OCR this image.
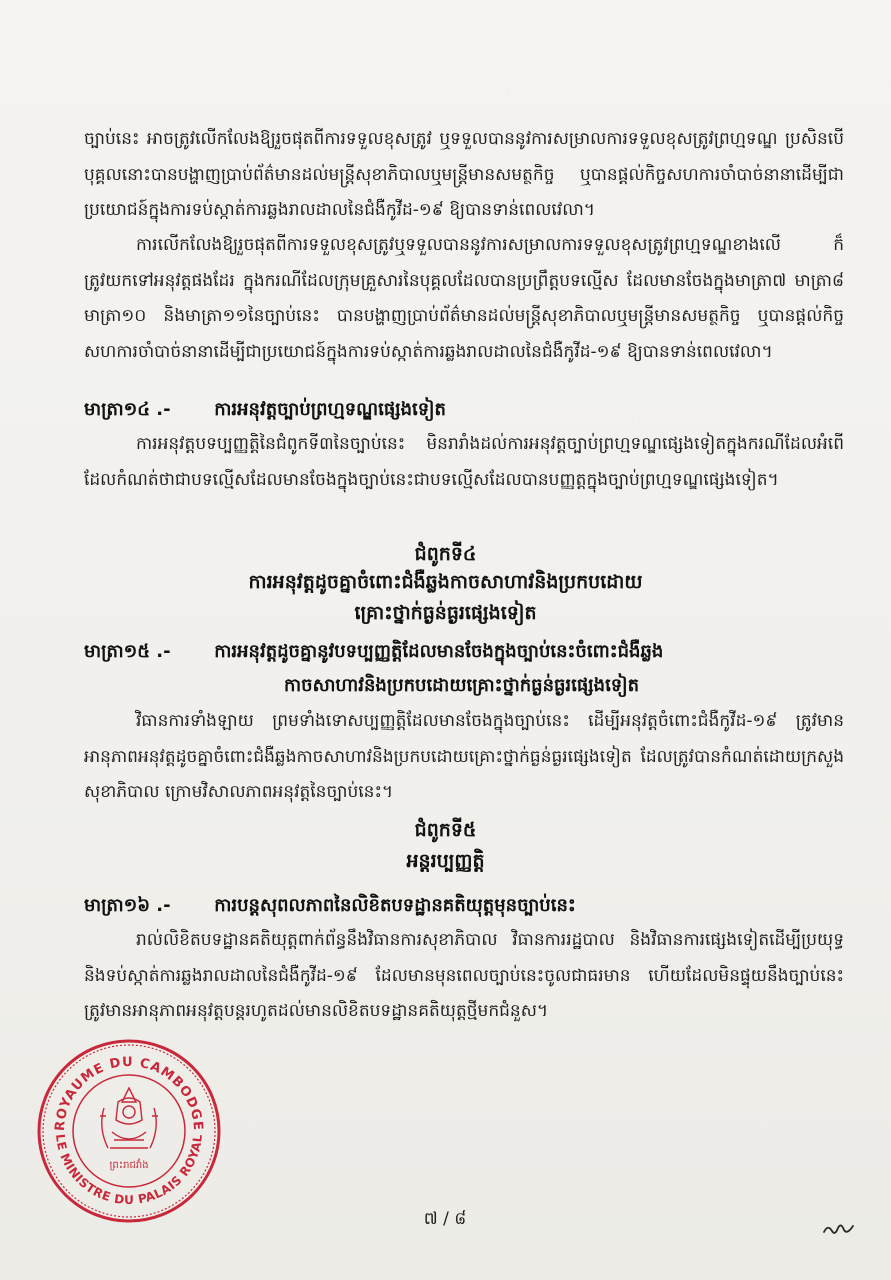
ច្បាប់នេះ អាចត្រូវលើកលែងឱ្យរួចផុតពីការទទួលខុសត្រូវ ឬទទួលបាននូវការសម្រាលការទទួលខុសត្រូវព្រហ្មទណ្ឌ ប្រសិនបើបុគ្គលនោះបានបង្ហាញប្រាប់ព័ត៌មានដល់មន្ត្រីសុខាភិបាលឬមន្ត្រីមានសមត្ថកិច្ច ឬបានផ្ដល់កិច្ចសហការចាំបាច់នានាដើម្បីជាប្រយោជន៍ក្នុងការទប់ស្កាត់ការឆ្លងរាលដាលនៃជំងឺកូវីដ-១៩ ឱ្យបានទាន់ពេលវេលា។
ការលើកលែងឱ្យរួចផុតពីការទទួលខុសត្រូវឬទទួលបាននូវការសម្រាលការទទួលខុសត្រូវព្រហ្មទណ្ឌខាងលើ ក៏ត្រូវយកទៅអនុវត្តផងដែរ ក្នុងករណីដែលក្រុមគ្រួសារនៃបុគ្គលដែលបានប្រព្រឹត្តបទល្មើស ដែលមានចែងក្នុងមាត្រា៧ មាត្រា៨ មាត្រា១០ និងមាត្រា១១នៃច្បាប់នេះ បានបង្ហាញប្រាប់ព័ត៌មានដល់មន្ត្រីសុខាភិបាលឬមន្ត្រីមានសមត្ថកិច្ច ឬបានផ្ដល់កិច្ចសហការចាំបាច់នានាដើម្បីជាប្រយោជន៍ក្នុងការទប់ស្កាត់ការឆ្លងរាលដាលនៃជំងឺកូវីដ-១៩ ឱ្យបានទាន់ពេលវេលា។
មាត្រា១៤ .- ការអនុវត្តច្បាប់ព្រហ្មទណ្ឌផ្សេងទៀត
ការអនុវត្តបទប្បញ្ញត្តិនៃជំពូកទី៣នៃច្បាប់នេះ មិនរារាំងដល់ការអនុវត្តច្បាប់ព្រហ្មទណ្ឌផ្សេងទៀតក្នុងករណីដែលអំពើដែលកំណត់ថាជាបទល្មើសដែលមានចែងក្នុងច្បាប់នេះជាបទល្មើសដែលបានបញ្ញត្តក្នុងច្បាប់ព្រហ្មទណ្ឌផ្សេងទៀត។
ជំពូកទី៤
ការអនុវត្តដូចគ្នាចំពោះជំងឺឆ្លងកាចសាហាវនិងប្រកបដោយ
គ្រោះថ្នាក់ធ្ងន់ធ្ងរផ្សេងទៀត
មាត្រា១៥ .- ការអនុវត្តដូចគ្នានូវបទប្បញ្ញត្តិដែលមានចែងក្នុងច្បាប់នេះចំពោះជំងឺឆ្លង
កាចសាហាវនិងប្រកបដោយគ្រោះថ្នាក់ធ្ងន់ធ្ងរផ្សេងទៀត
វិធានការទាំងឡាយ ព្រមទាំងទោសប្បញ្ញត្តិដែលមានចែងក្នុងច្បាប់នេះ ដើម្បីអនុវត្តចំពោះជំងឺកូវីដ-១៩ ត្រូវមានអានុភាពអនុវត្តដូចគ្នាចំពោះជំងឺឆ្លងកាចសាហាវនិងប្រកបដោយគ្រោះថ្នាក់ធ្ងន់ធ្ងរផ្សេងទៀត ដែលត្រូវបានកំណត់ដោយក្រសួងសុខាភិបាល ក្រោមវិសាលភាពអនុវត្តនៃច្បាប់នេះ។
ជំពូកទី៥
អន្តរប្បញ្ញត្តិ
មាត្រា១៦ .- ការបន្តសុពលភាពនៃលិខិតបទដ្ឋានគតិយុត្តមុនច្បាប់នេះ
រាល់លិខិតបទដ្ឋានគតិយុត្តពាក់ព័ន្ធនឹងវិធានការសុខាភិបាល វិធានការរដ្ឋបាល និងវិធានការផ្សេងទៀតដើម្បីប្រយុទ្ធនិងទប់ស្កាត់ការឆ្លងរាលដាលនៃជំងឺកូវីដ-១៩ ដែលមានមុនពេលច្បាប់នេះចូលជាធរមាន ហើយដែលមិនផ្ទុយនឹងច្បាប់នេះ ត្រូវមានអានុភាពអនុវត្តបន្តរហូតដល់មានលិខិតបទដ្ឋានគតិយុត្តថ្មីមកជំនួស។
ROYAUME DU CAMBODGE
LE MINISTRE DU PALAIS ROYAL
ព្រះរាជវាំង
៧ / ៨
